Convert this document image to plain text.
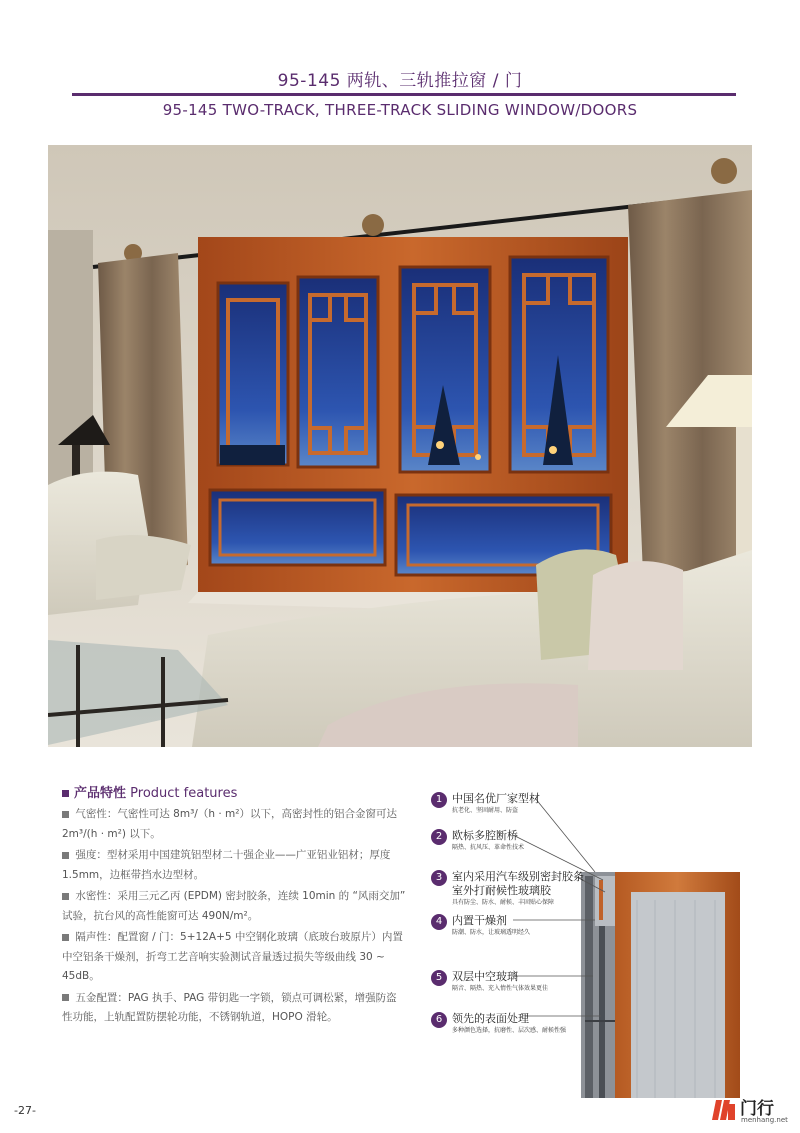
95-145 两轨、三轨推拉窗 / 门
95-145 TWO-TRACK, THREE-TRACK SLIDING WINDOW/DOORS
产品特性 Product features

气密性：气密性可达 8m³/（h · m²）以下，高密封性的铝合金窗可达 2m³/(h · m²) 以下。

强度：型材采用中国建筑铝型材二十强企业——广亚铝业铝材；厚度 1.5mm，边框带挡水边型材。

水密性：采用三元乙丙 (EPDM) 密封胶条，连续 10min 的 “风雨交加” 试验，抗台风的高性能窗可达 490N/m²。

隔声性：配置窗 / 门：5+12A+5 中空钢化玻璃（底玻台玻原片）内置中空铝条干燥剂，折弯工艺音响实验测试音量透过损失等级曲线 30 ~ 45dB。

五金配置：PAG 执手、PAG 带钥匙一字锁，锁点可调松紧，增强防盗性功能，上轨配置防摆轮功能，不锈钢轨道，HOPO 滑轮。

1 中国名优厂家型材
抗老化、坚固耐用、防盗
2 欧标多腔断桥
隔热、抗风压、革命性技术
3 室内采用汽车级别密封胶条
室外打耐候性玻璃胶
具有防尘、防水、耐候、丰固贴心保障
4 内置干燥剂
防潮、防水，让玻璃透明经久
5 双层中空玻璃
隔音、隔热、充入惰性气体效果更佳
6 领先的表面处理
多种颜色选择，抗磨性、层次感、耐候性强
-27-	门行
menhang.net
